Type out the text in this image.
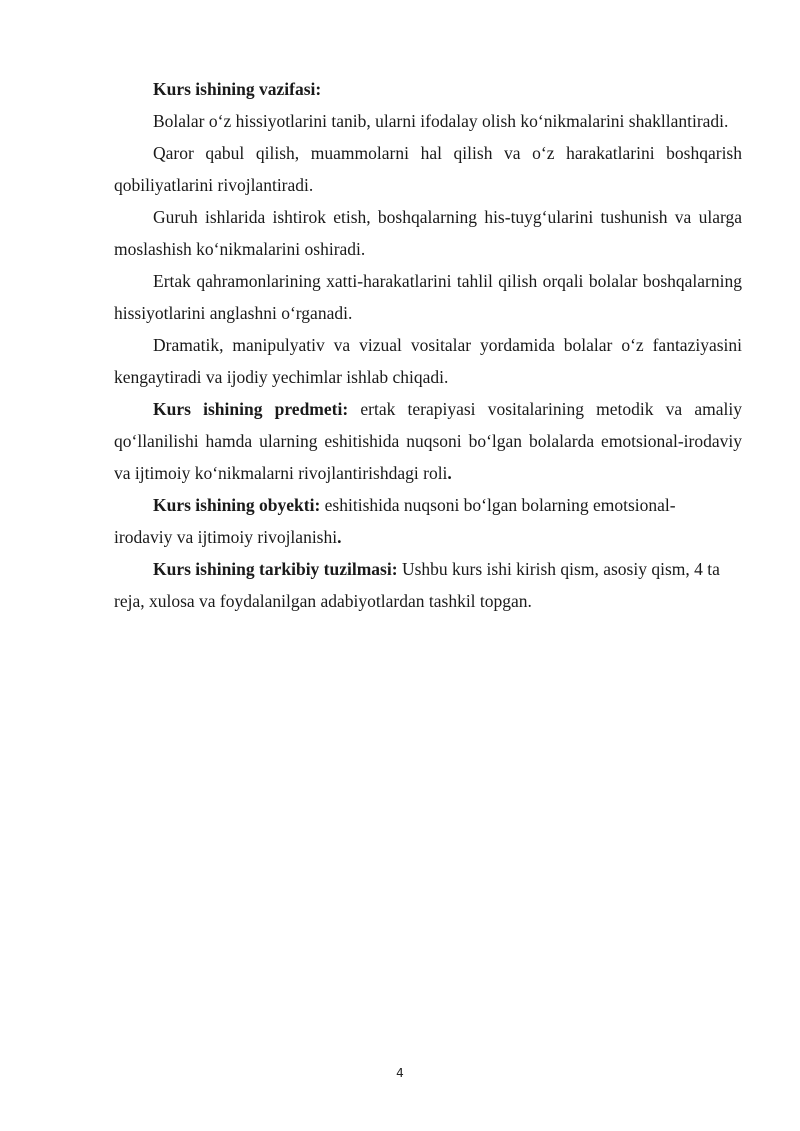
Kurs ishining vazifasi:

Bolalar o‘z hissiyotlarini tanib, ularni ifodalay olish ko‘nikmalarini shakllantiradi.

Qaror qabul qilish, muammolarni hal qilish va o‘z harakatlarini boshqarish qobiliyatlarini rivojlantiradi.

Guruh ishlarida ishtirok etish, boshqalarning his-tuyg‘ularini tushunish va ularga moslashish ko‘nikmalarini oshiradi.

Ertak qahramonlarining xatti-harakatlarini tahlil qilish orqali bolalar boshqalarning hissiyotlarini anglashni o‘rganadi.

Dramatik, manipulyativ va vizual vositalar yordamida bolalar o‘z fantaziyasini kengaytiradi va ijodiy yechimlar ishlab chiqadi.

Kurs ishining predmeti: ertak terapiyasi vositalarining metodik va amaliy qo‘llanilishi hamda ularning eshitishida nuqsoni bo‘lgan bolalarda emotsional-irodaviy va ijtimoiy ko‘nikmalarni rivojlantirishdagi roli.

Kurs ishining obyekti: eshitishida nuqsoni bo‘lgan bolarning emotsional-irodaviy va ijtimoiy rivojlanishi.

Kurs ishining tarkibiy tuzilmasi: Ushbu kurs ishi kirish qism, asosiy qism, 4 ta reja, xulosa va foydalanilgan adabiyotlardan tashkil topgan.

4
